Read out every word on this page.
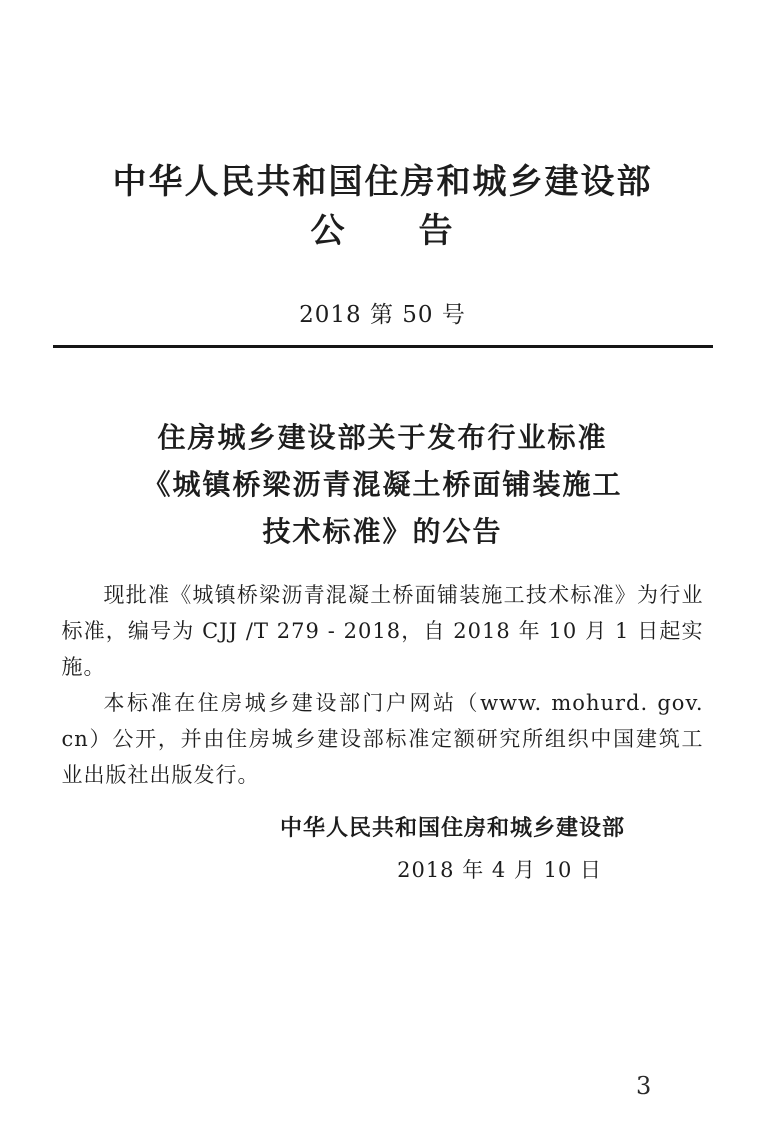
中华人民共和国住房和城乡建设部
公　　告
2018 第 50 号
住房城乡建设部关于发布行业标准
《城镇桥梁沥青混凝土桥面铺装施工
技术标准》的公告

现批准《城镇桥梁沥青混凝土桥面铺装施工技术标准》为行业标准，编号为 CJJ /T 279 - 2018，自 2018 年 10 月 1 日起实施。

本标准在住房城乡建设部门户网站（www. mohurd. gov. cn）公开，并由住房城乡建设部标准定额研究所组织中国建筑工业出版社出版发行。

中华人民共和国住房和城乡建设部
2018 年 4 月 10 日
3
